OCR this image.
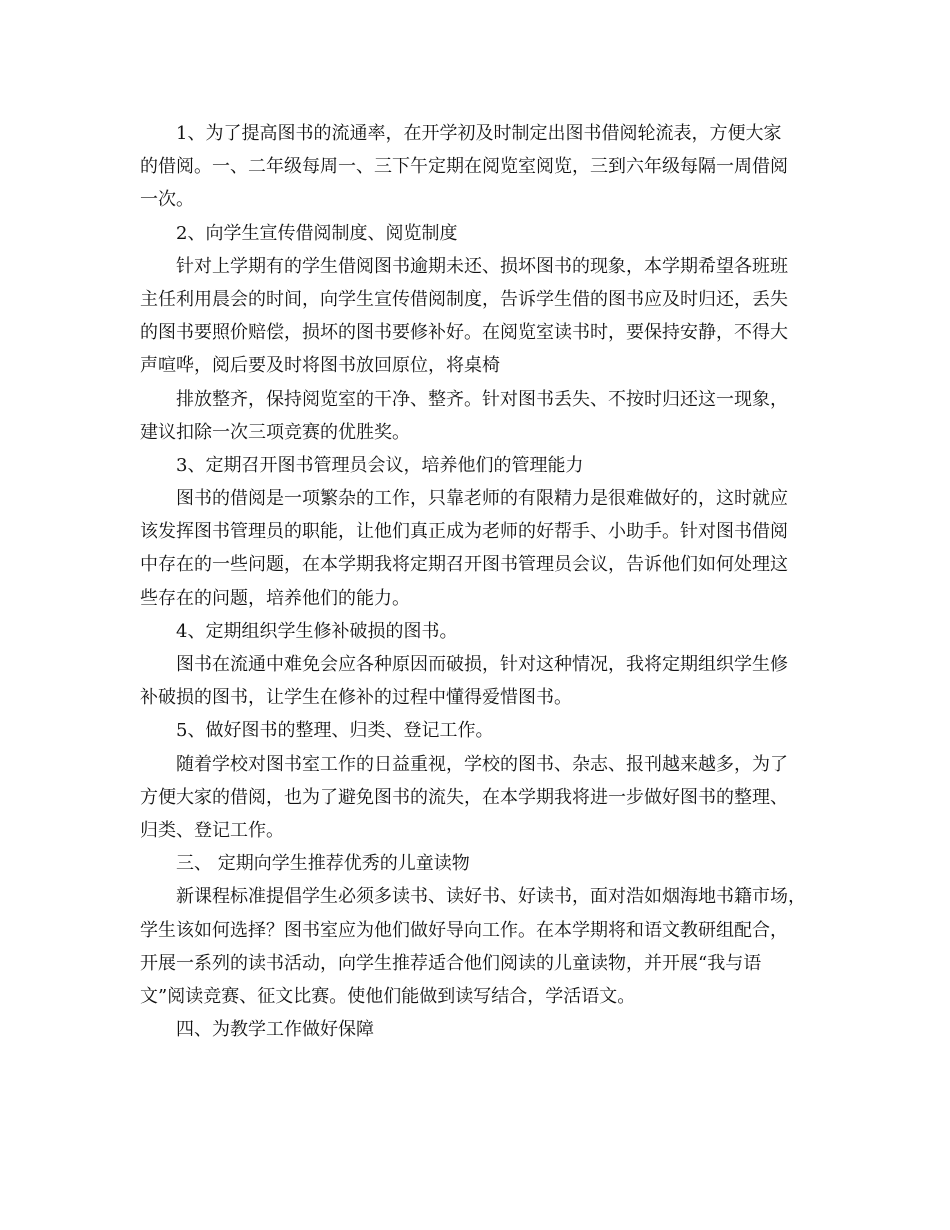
1、为了提高图书的流通率，在开学初及时制定出图书借阅轮流表，方便大家
的借阅。一、二年级每周一、三下午定期在阅览室阅览，三到六年级每隔一周借阅
一次。
2、向学生宣传借阅制度、阅览制度
针对上学期有的学生借阅图书逾期未还、损坏图书的现象，本学期希望各班班
主任利用晨会的时间，向学生宣传借阅制度，告诉学生借的图书应及时归还，丢失
的图书要照价赔偿，损坏的图书要修补好。在阅览室读书时，要保持安静，不得大
声喧哗，阅后要及时将图书放回原位，将桌椅
排放整齐，保持阅览室的干净、整齐。针对图书丢失、不按时归还这一现象，
建议扣除一次三项竞赛的优胜奖。
3、定期召开图书管理员会议，培养他们的管理能力
图书的借阅是一项繁杂的工作，只靠老师的有限精力是很难做好的，这时就应
该发挥图书管理员的职能，让他们真正成为老师的好帮手、小助手。针对图书借阅
中存在的一些问题，在本学期我将定期召开图书管理员会议，告诉他们如何处理这
些存在的问题，培养他们的能力。
4、定期组织学生修补破损的图书。
图书在流通中难免会应各种原因而破损，针对这种情况，我将定期组织学生修
补破损的图书，让学生在修补的过程中懂得爱惜图书。
5、做好图书的整理、归类、登记工作。
随着学校对图书室工作的日益重视，学校的图书、杂志、报刊越来越多，为了
方便大家的借阅，也为了避免图书的流失，在本学期我将进一步做好图书的整理、
归类、登记工作。
三、 定期向学生推荐优秀的儿童读物
新课程标准提倡学生必须多读书、读好书、好读书，面对浩如烟海地书籍市场，
学生该如何选择？图书室应为他们做好导向工作。在本学期将和语文教研组配合，
开展一系列的读书活动，向学生推荐适合他们阅读的儿童读物，并开展“我与语
文”阅读竞赛、征文比赛。使他们能做到读写结合，学活语文。
四、为教学工作做好保障
